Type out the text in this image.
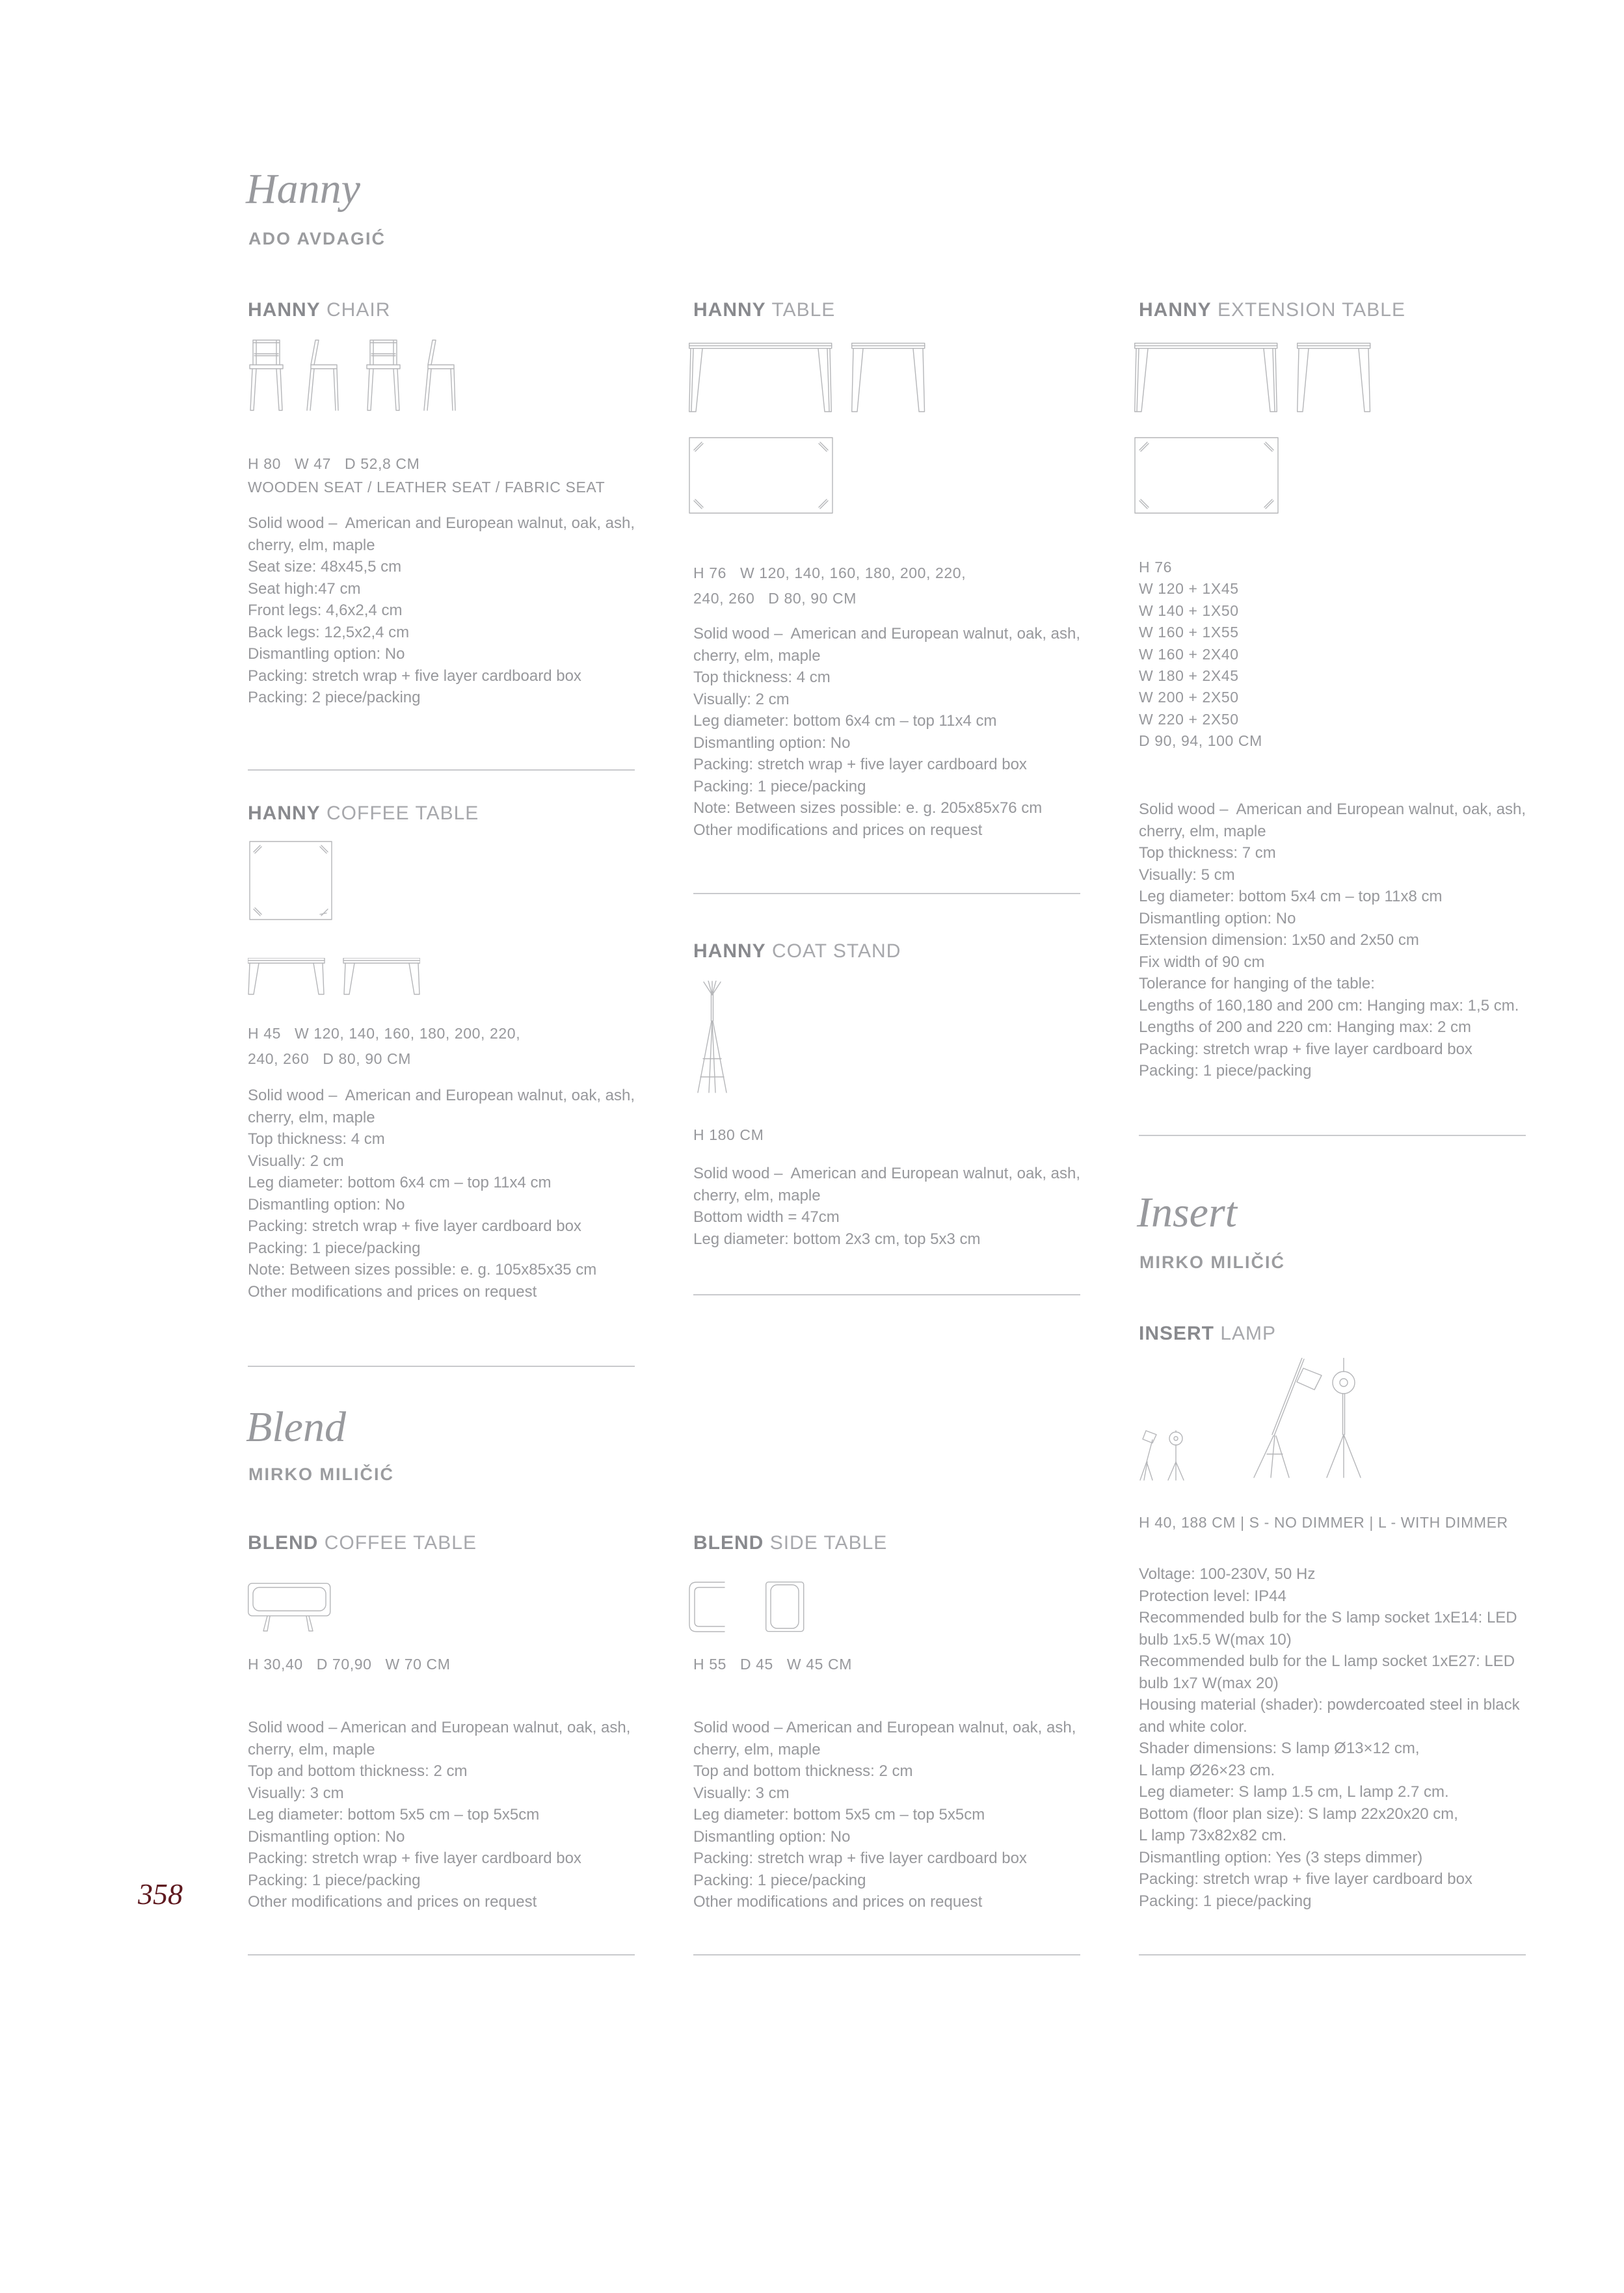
Hanny
ADO AVDAGIĆ
HANNY CHAIR
H 80   W 47   D 52,8 CM
WOODEN SEAT / LEATHER SEAT / FABRIC SEAT
Solid wood –  American and European walnut, oak, ash,
cherry, elm, maple
Seat size: 48x45,5 cm
Seat high:47 cm
Front legs: 4,6x2,4 cm
Back legs: 12,5x2,4 cm
Dismantling option: No
Packing: stretch wrap + five layer cardboard box
Packing: 2 piece/packing
HANNY COFFEE TABLE
H 45   W 120, 140, 160, 180, 200, 220,
240, 260   D 80, 90 CM
Solid wood –  American and European walnut, oak, ash,
cherry, elm, maple
Top thickness: 4 cm
Visually: 2 cm
Leg diameter: bottom 6x4 cm – top 11x4 cm
Dismantling option: No
Packing: stretch wrap + five layer cardboard box
Packing: 1 piece/packing
Note: Between sizes possible: e. g. 105x85x35 cm
Other modifications and prices on request
Blend
MIRKO MILIČIĆ
BLEND COFFEE TABLE
H 30,40   D 70,90   W 70 CM
Solid wood – American and European walnut, oak, ash,
cherry, elm, maple
Top and bottom thickness: 2 cm
Visually: 3 cm
Leg diameter: bottom 5x5 cm – top 5x5cm
Dismantling option: No
Packing: stretch wrap + five layer cardboard box
Packing: 1 piece/packing
Other modifications and prices on request
358
HANNY TABLE
H 76   W 120, 140, 160, 180, 200, 220,
240, 260   D 80, 90 CM
Solid wood –  American and European walnut, oak, ash,
cherry, elm, maple
Top thickness: 4 cm
Visually: 2 cm
Leg diameter: bottom 6x4 cm – top 11x4 cm
Dismantling option: No
Packing: stretch wrap + five layer cardboard box
Packing: 1 piece/packing
Note: Between sizes possible: e. g. 205x85x76 cm
Other modifications and prices on request
HANNY COAT STAND
H 180 CM
Solid wood –  American and European walnut, oak, ash,
cherry, elm, maple
Bottom width = 47cm
Leg diameter: bottom 2x3 cm, top 5x3 cm
BLEND SIDE TABLE
H 55   D 45   W 45 CM
Solid wood – American and European walnut, oak, ash,
cherry, elm, maple
Top and bottom thickness: 2 cm
Visually: 3 cm
Leg diameter: bottom 5x5 cm – top 5x5cm
Dismantling option: No
Packing: stretch wrap + five layer cardboard box
Packing: 1 piece/packing
Other modifications and prices on request
HANNY EXTENSION TABLE
H 76
W 120 + 1X45
W 140 + 1X50
W 160 + 1X55
W 160 + 2X40
W 180 + 2X45
W 200 + 2X50
W 220 + 2X50
D 90, 94, 100 CM
Solid wood –  American and European walnut, oak, ash,
cherry, elm, maple
Top thickness: 7 cm
Visually: 5 cm
Leg diameter: bottom 5x4 cm – top 11x8 cm
Dismantling option: No
Extension dimension: 1x50 and 2x50 cm
Fix width of 90 cm
Tolerance for hanging of the table:
Lengths of 160,180 and 200 cm: Hanging max: 1,5 cm.
Lengths of 200 and 220 cm: Hanging max: 2 cm
Packing: stretch wrap + five layer cardboard box
Packing: 1 piece/packing
Insert
MIRKO MILIČIĆ
INSERT LAMP
H 40, 188 CM | S - NO DIMMER | L - WITH DIMMER
Voltage: 100-230V, 50 Hz
Protection level: IP44
Recommended bulb for the S lamp socket 1xE14: LED
bulb 1x5.5 W(max 10)
Recommended bulb for the L lamp socket 1xE27: LED
bulb 1x7 W(max 20)
Housing material (shader): powdercoated steel in black
and white color.
Shader dimensions: S lamp Ø13×12 cm,
L lamp Ø26×23 cm.
Leg diameter: S lamp 1.5 cm, L lamp 2.7 cm.
Bottom (floor plan size): S lamp 22x20x20 cm,
L lamp 73x82x82 cm.
Dismantling option: Yes (3 steps dimmer)
Packing: stretch wrap + five layer cardboard box
Packing: 1 piece/packing
